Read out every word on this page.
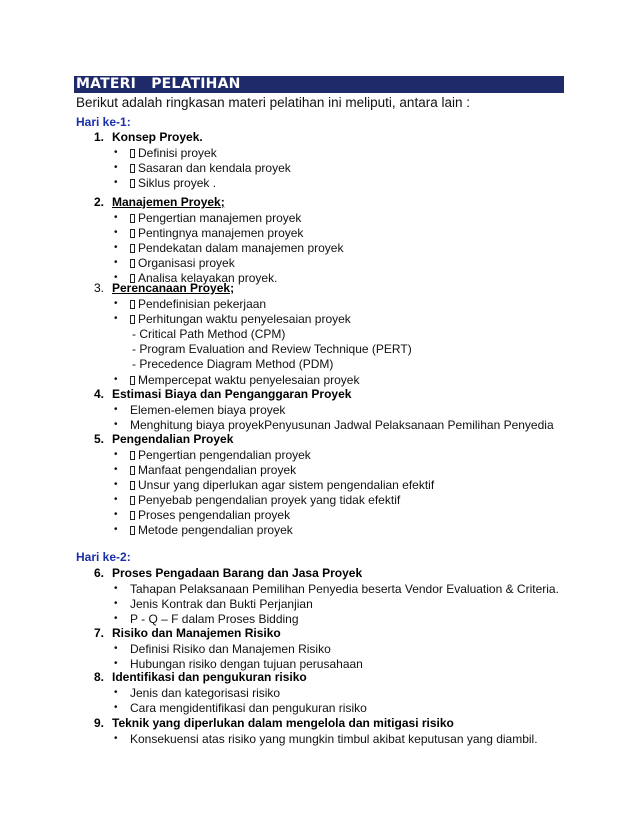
MATERI   PELATIHAN
Berikut adalah ringkasan materi pelatihan ini meliputi, antara lain :
Hari ke-1:
1. Konsep Proyek.
• Definisi proyek
• Sasaran dan kendala proyek
• Siklus proyek .
2. Manajemen Proyek;
• Pengertian manajemen proyek
• Pentingnya manajemen proyek
• Pendekatan dalam manajemen proyek
• Organisasi proyek
• Analisa kelayakan proyek.
3. Perencanaan Proyek;
• Pendefinisian pekerjaan
• Perhitungan waktu penyelesaian proyek
- Critical Path Method (CPM)
- Program Evaluation and Review Technique (PERT)
- Precedence Diagram Method (PDM)
• Mempercepat waktu penyelesaian proyek
4. Estimasi Biaya dan Penganggaran Proyek
• Elemen-elemen biaya proyek
• Menghitung biaya proyekPenyusunan Jadwal Pelaksanaan Pemilihan Penyedia
5. Pengendalian Proyek
• Pengertian pengendalian proyek
• Manfaat pengendalian proyek
• Unsur yang diperlukan agar sistem pengendalian efektif
• Penyebab pengendalian proyek yang tidak efektif
• Proses pengendalian proyek
• Metode pengendalian proyek
Hari ke-2:
6. Proses Pengadaan Barang dan Jasa Proyek
• Tahapan Pelaksanaan Pemilihan Penyedia beserta Vendor Evaluation & Criteria.
• Jenis Kontrak dan Bukti Perjanjian
• P - Q – F dalam Proses Bidding
7. Risiko dan Manajemen Risiko
• Definisi Risiko dan Manajemen Risiko
• Hubungan risiko dengan tujuan perusahaan
8. Identifikasi dan pengukuran risiko
• Jenis dan kategorisasi risiko
• Cara mengidentifikasi dan pengukuran risiko
9. Teknik yang diperlukan dalam mengelola dan mitigasi risiko
• Konsekuensi atas risiko yang mungkin timbul akibat keputusan yang diambil.
